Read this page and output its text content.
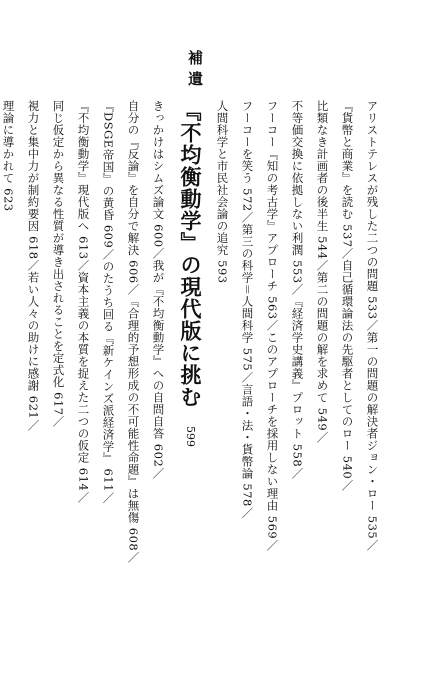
アリストテレスが残した二つの問題 533／第一の問題の解決者ジョン・ロー 535／
『貨幣と商業』を読む 537／自己循環論法の先駆者としてのロー 540／
比類なき計画者の後半生 544／第二の問題の解を求めて 549／
不等価交換に依拠しない利潤 553／『経済学史講義』プロット 558／
フーコー『知の考古学』アプローチ 563／このアプローチを採用しない理由 569／
フーコーを笑う 572／第三の科学＝人間科学 575／言語・法・貨幣論 578／
人間科学と市民社会論の追究 593
補遺
『不均衡動学』の現代版に挑む599
きっかけはシムズ論文 600／我が『不均衡動学』への自問自答 602／
自分の『反論』を自分で解決 606／『合理的予想形成の不可能性命題』は無傷 608／
『DSGE帝国』の黄昏 609／のたうち回る『新ケインズ派経済学』 611／
『不均衡動学』現代版へ 613／資本主義の本質を捉えた二つの仮定 614／
同じ仮定から異なる性質が導き出されることを定式化 617／
視力と集中力が制約要因 618／若い人々の助けに感謝 621／
理論に導かれて 623
